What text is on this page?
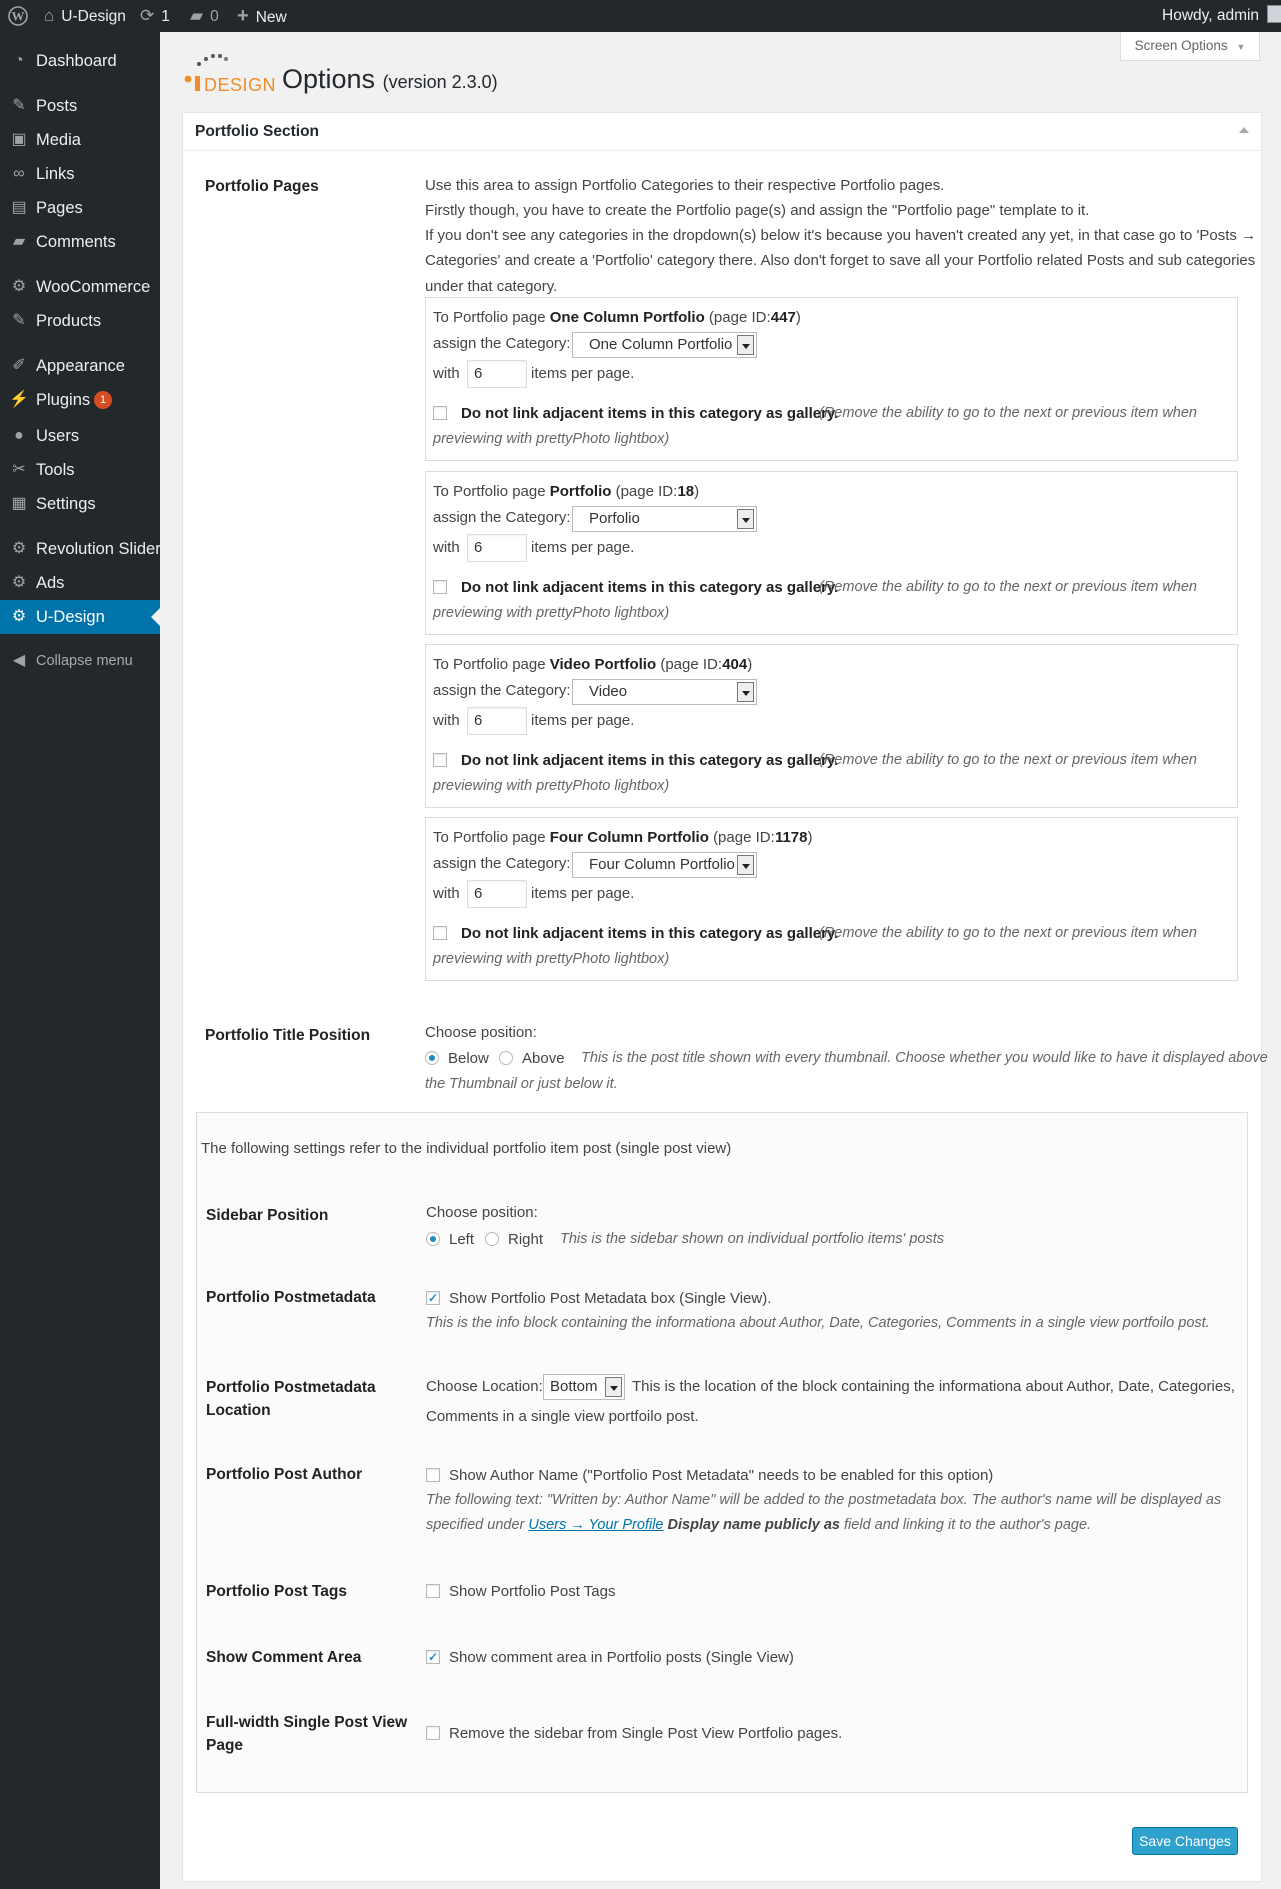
W ⌂ U-Design ⟳ 1 ▰ 0 + New	Howdy, admin
◔ Dashboard
✎ Posts
▣ Media
∞ Links
▤ Pages
▰ Comments
⚙ WooCommerce
✎ Products
✐ Appearance
⚡ Plugins 1
● Users
✂ Tools
▦ Settings
⚙ Revolution Slider
⚙ Ads
⚙ U-Design
◀ Collapse menu
Screen Options ▼
DESIGN Options (version 2.3.0)
Portfolio Section
Portfolio Pages	Use this area to assign Portfolio Categories to their respective Portfolio pages.
Firstly though, you have to create the Portfolio page(s) and assign the "Portfolio page" template to it.
If you don't see any categories in the dropdown(s) below it's because you haven't created any yet, in that case go to 'Posts →
Categories' and create a 'Portfolio' category there. Also don't forget to save all your Portfolio related Posts and sub categories
under that category.
To Portfolio page One Column Portfolio (page ID: 447)
assign the Category:	One Column Portfolio
with 6	items per page.
Do not link adjacent items in this category as gallery.
(Remove the ability to go to the next or previous item when
previewing with prettyPhoto lightbox)
To Portfolio page Portfolio (page ID: 18)
assign the Category:	Porfolio
with 6	items per page.
Do not link adjacent items in this category as gallery.
(Remove the ability to go to the next or previous item when
previewing with prettyPhoto lightbox)
To Portfolio page Video Portfolio (page ID: 404)
assign the Category:	Video
with 6	items per page.
Do not link adjacent items in this category as gallery.
(Remove the ability to go to the next or previous item when
previewing with prettyPhoto lightbox)
To Portfolio page Four Column Portfolio (page ID: 1178)
assign the Category:	Four Column Portfolio
with 6	items per page.
Do not link adjacent items in this category as gallery.
(Remove the ability to go to the next or previous item when
previewing with prettyPhoto lightbox)
Portfolio Title Position	Choose position:
Below Above This is the post title shown with every thumbnail. Choose whether you would like to have it displayed above
the Thumbnail or just below it.
The following settings refer to the individual portfolio item post (single post view)
Sidebar Position	Choose position:
Left Right This is the sidebar shown on individual portfolio items' posts
Portfolio Postmetadata	✓ Show Portfolio Post Metadata box (Single View).
This is the info block containing the informationa about Author, Date, Categories, Comments in a single view portfoilo post.
Portfolio Postmetadata
Location
Choose Location: Bottom	This is the location of the block containing the informationa about Author, Date, Categories,
Comments in a single view portfoilo post.
Portfolio Post Author	Show Author Name ("Portfolio Post Metadata" needs to be enabled for this option)
The following text: "Written by: Author Name" will be added to the postmetadata box. The author's name will be displayed as
specified under Users → Your Profile Display name publicly as field and linking it to the author's page.
Portfolio Post Tags	Show Portfolio Post Tags
Show Comment Area	✓ Show comment area in Portfolio posts (Single View)
Full-width Single Post View
Page
Remove the sidebar from Single Post View Portfolio pages.
Save Changes
